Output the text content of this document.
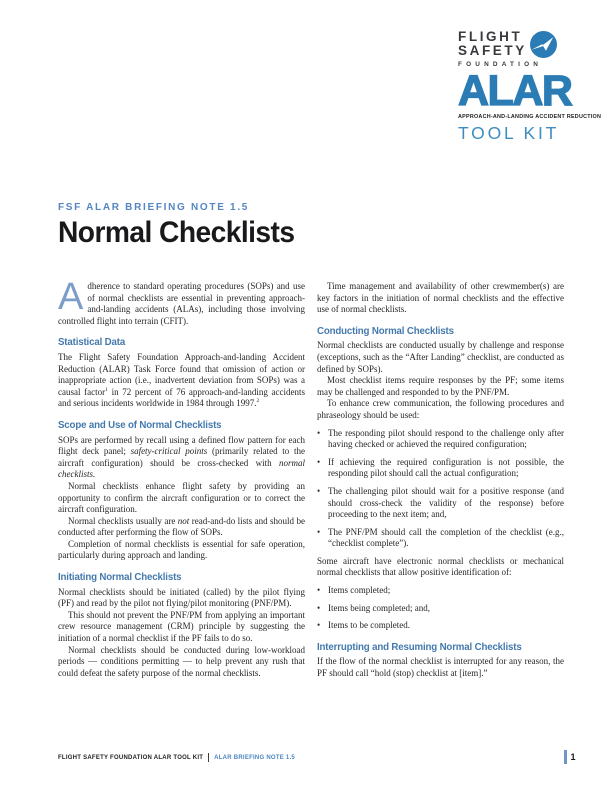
FLIGHT
SAFETY
FOUNDATION
ALAR
APPROACH-AND-LANDING ACCIDENT REDUCTION
TOOL KIT
FSF ALAR BRIEFING NOTE 1.5
Normal Checklists

Adherence to standard operating procedures (SOPs) and use of normal checklists are essential in preventing approach-and-landing accidents (ALAs), including those involving controlled flight into terrain (CFIT).

Statistical Data

The Flight Safety Foundation Approach-and-landing Accident Reduction (ALAR) Task Force found that omission of action or inappropriate action (i.e., inadvertent deviation from SOPs) was a causal factor$^1$ in 72 percent of 76 approach-and-landing accidents and serious incidents worldwide in 1984 through 1997.$^2$

Scope and Use of Normal Checklists

SOPs are performed by recall using a defined flow pattern for each flight deck panel; safety-critical points (primarily related to the aircraft configuration) should be cross-checked with normal checklists.

Normal checklists enhance flight safety by providing an opportunity to confirm the aircraft configuration or to correct the aircraft configuration.

Normal checklists usually are not read-and-do lists and should be conducted after performing the flow of SOPs.

Completion of normal checklists is essential for safe operation, particularly during approach and landing.

Initiating Normal Checklists

Normal checklists should be initiated (called) by the pilot flying (PF) and read by the pilot not flying/pilot monitoring (PNF/PM).

This should not prevent the PNF/PM from applying an important crew resource management (CRM) principle by suggesting the initiation of a normal checklist if the PF fails to do so.

Normal checklists should be conducted during low-workload periods — conditions permitting — to help prevent any rush that could defeat the safety purpose of the normal checklists.

Time management and availability of other crewmember(s) are key factors in the initiation of normal checklists and the effective use of normal checklists.

Conducting Normal Checklists

Normal checklists are conducted usually by challenge and response (exceptions, such as the “After Landing” checklist, are conducted as defined by SOPs).

Most checklist items require responses by the PF; some items may be challenged and responded to by the PNF/PM.

To enhance crew communication, the following procedures and phraseology should be used:

• The responding pilot should respond to the challenge only after having checked or achieved the required configuration;
• If achieving the required configuration is not possible, the responding pilot should call the actual configuration;
• The challenging pilot should wait for a positive response (and should cross-check the validity of the response) before proceeding to the next item; and,
• The PNF/PM should call the completion of the checklist (e.g., “checklist complete”).

Some aircraft have electronic normal checklists or mechanical normal checklists that allow positive identification of:

• Items completed;
• Items being completed; and,
• Items to be completed.
Interrupting and Resuming Normal Checklists

If the flow of the normal checklist is interrupted for any reason, the PF should call “hold (stop) checklist at [item].”

FLIGHT SAFETY FOUNDATION ALAR TOOL KIT ALAR BRIEFING NOTE 1.5	1
